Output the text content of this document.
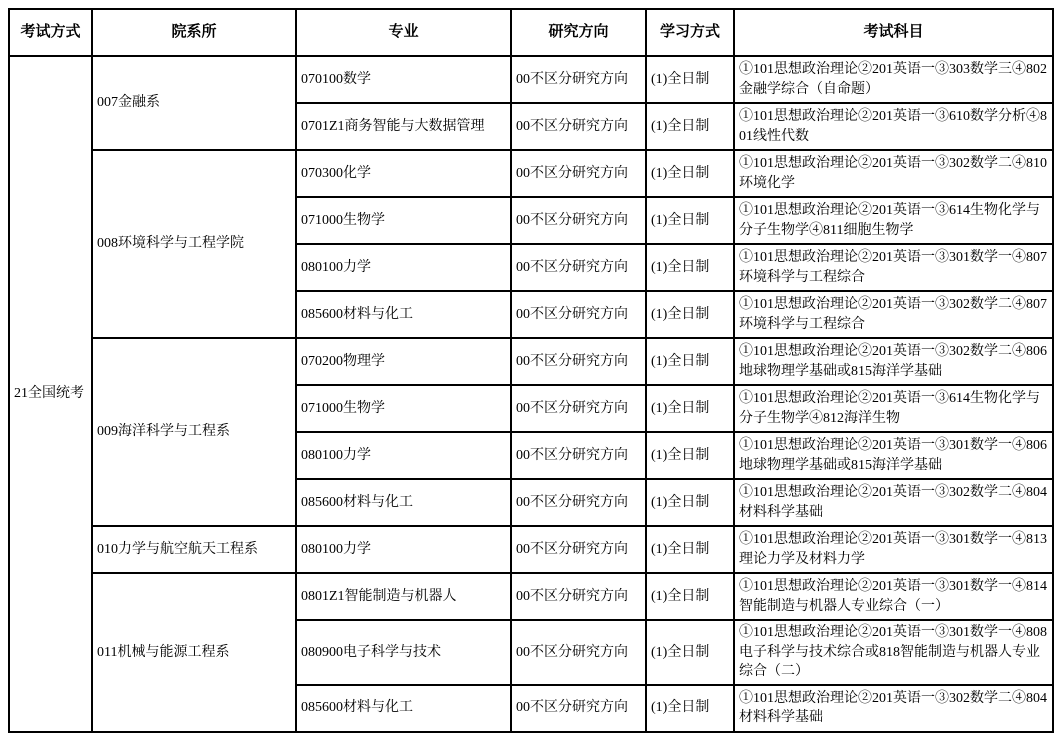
考试方式	院系所	专业	研究方向	学习方式	考试科目
21全国统考	007金融系	070100数学	00不区分研究方向	(1)全日制	①101思想政治理论②201英语一③303数学三④802金融学综合（自命题）
		0701Z1商务智能与大数据管理	00不区分研究方向	(1)全日制	①101思想政治理论②201英语一③610数学分析④801线性代数
	008环境科学与工程学院	070300化学	00不区分研究方向	(1)全日制	①101思想政治理论②201英语一③302数学二④810环境化学
		071000生物学	00不区分研究方向	(1)全日制	①101思想政治理论②201英语一③614生物化学与分子生物学④811细胞生物学
		080100力学	00不区分研究方向	(1)全日制	①101思想政治理论②201英语一③301数学一④807环境科学与工程综合
		085600材料与化工	00不区分研究方向	(1)全日制	①101思想政治理论②201英语一③302数学二④807环境科学与工程综合
	009海洋科学与工程系	070200物理学	00不区分研究方向	(1)全日制	①101思想政治理论②201英语一③302数学二④806地球物理学基础或815海洋学基础
		071000生物学	00不区分研究方向	(1)全日制	①101思想政治理论②201英语一③614生物化学与分子生物学④812海洋生物
		080100力学	00不区分研究方向	(1)全日制	①101思想政治理论②201英语一③301数学一④806地球物理学基础或815海洋学基础
		085600材料与化工	00不区分研究方向	(1)全日制	①101思想政治理论②201英语一③302数学二④804材料科学基础
	010力学与航空航天工程系	080100力学	00不区分研究方向	(1)全日制	①101思想政治理论②201英语一③301数学一④813理论力学及材料力学
	011机械与能源工程系	0801Z1智能制造与机器人	00不区分研究方向	(1)全日制	①101思想政治理论②201英语一③301数学一④814智能制造与机器人专业综合（一）
		080900电子科学与技术	00不区分研究方向	(1)全日制	①101思想政治理论②201英语一③301数学一④808电子科学与技术综合或818智能制造与机器人专业综合（二）
		085600材料与化工	00不区分研究方向	(1)全日制	①101思想政治理论②201英语一③302数学二④804材料科学基础
